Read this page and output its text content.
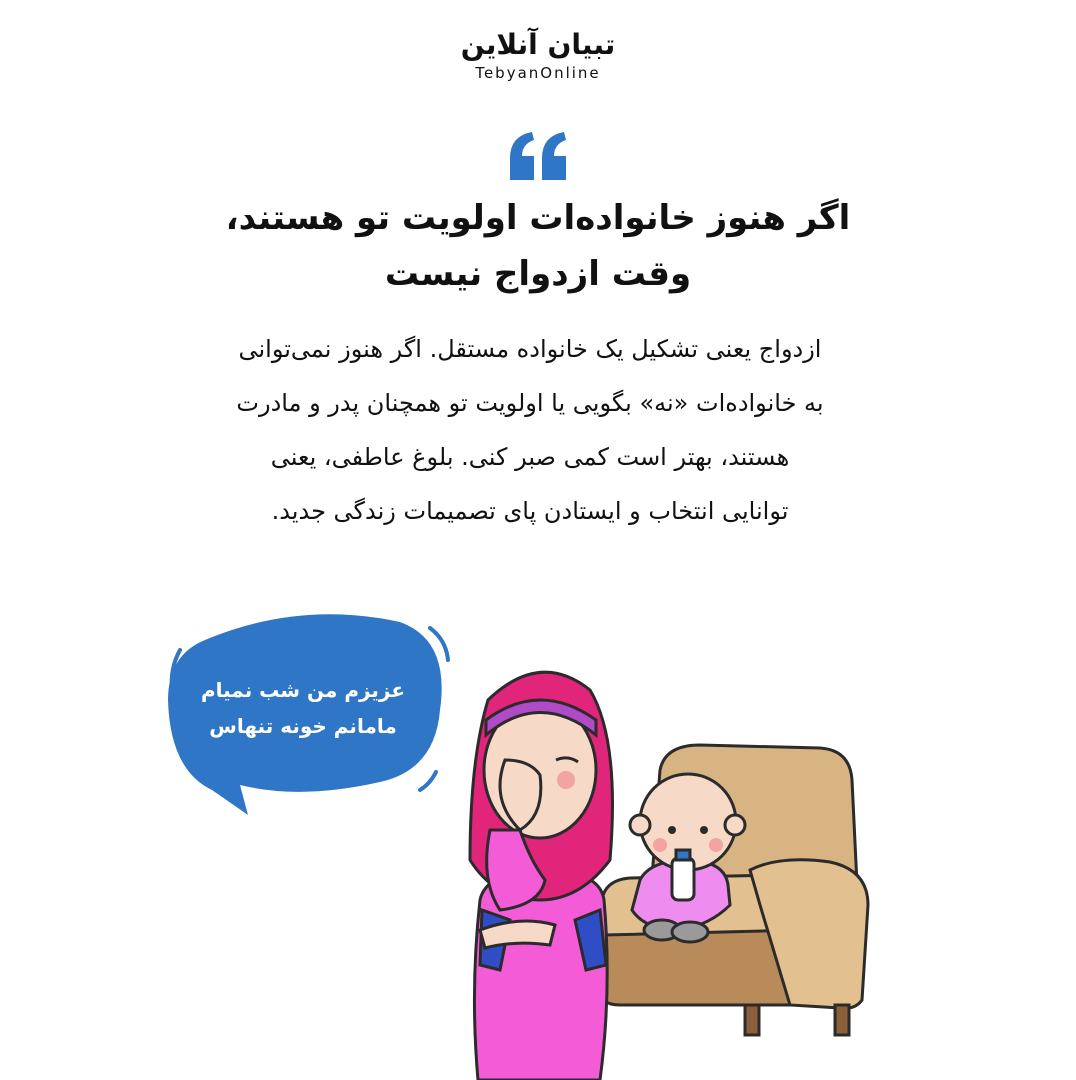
تبیان آنلاین
TebyanOnline
اگر هنوز خانواده‌ات اولویت تو هستند،
وقت ازدواج نیست
ازدواج یعنی تشکیل یک خانواده مستقل. اگر هنوز نمی‌توانی
به خانواده‌ات «نه» بگویی یا اولویت تو همچنان پدر و مادرت
هستند، بهتر است کمی صبر کنی. بلوغ عاطفی، یعنی
توانایی انتخاب و ایستادن پای تصمیمات زندگی جدید.
عزیزم من شب نمیام
مامانم خونه تنهاس
